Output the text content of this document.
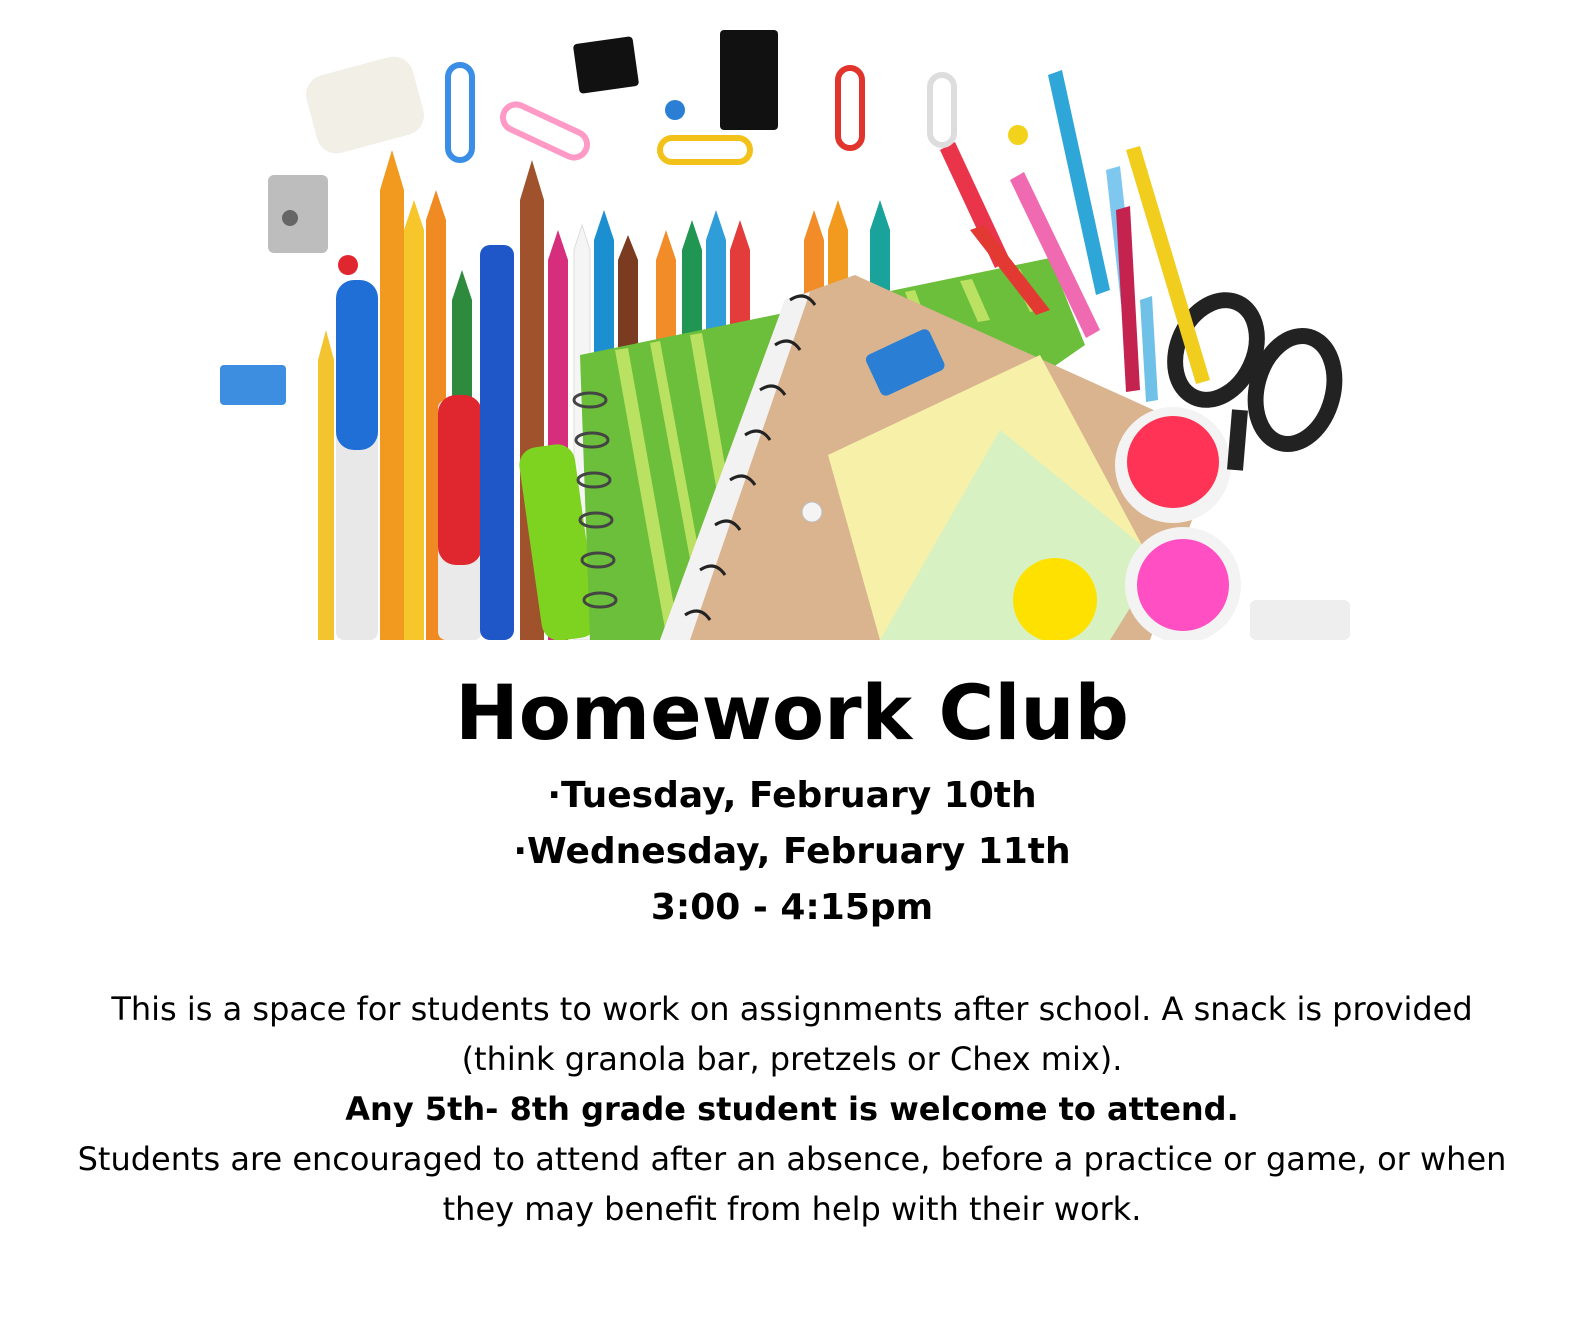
Homework Club
·Tuesday, February 10th
·Wednesday, February 11th
3:00 - 4:15pm

This is a space for students to work on assignments after school. A snack is provided

(think granola bar, pretzels or Chex mix).

Any 5th- 8th grade student is welcome to attend.

Students are encouraged to attend after an absence, before a practice or game, or when

they may benefit from help with their work.
